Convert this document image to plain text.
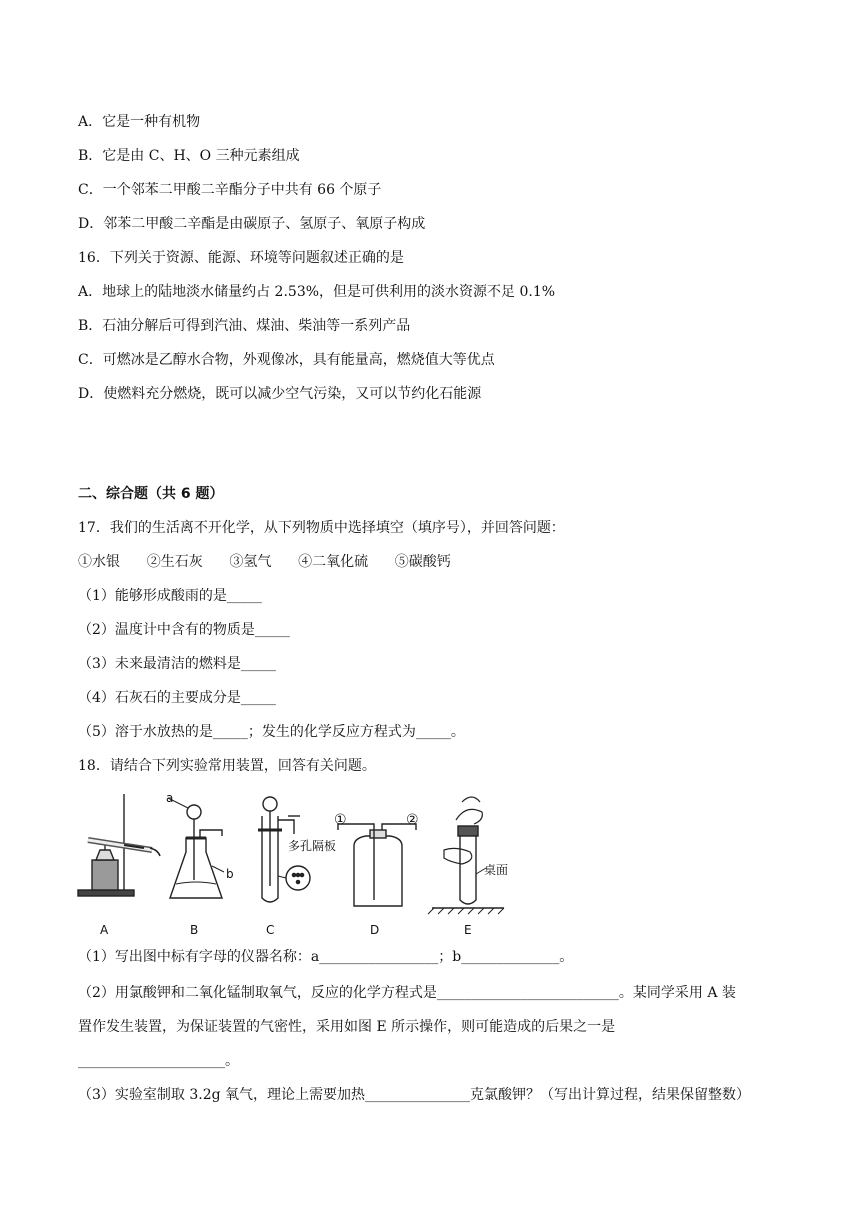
A．它是一种有机物
B．它是由 C、H、O 三种元素组成
C．一个邻苯二甲酸二辛酯分子中共有 66 个原子
D．邻苯二甲酸二辛酯是由碳原子、氢原子、氧原子构成
16．下列关于资源、能源、环境等问题叙述正确的是
A．地球上的陆地淡水储量约占 2.53%，但是可供利用的淡水资源不足 0.1%
B．石油分解后可得到汽油、煤油、柴油等一系列产品
C．可燃冰是乙醇水合物，外观像冰，具有能量高，燃烧值大等优点
D．使燃料充分燃烧，既可以减少空气污染，又可以节约化石能源
二、综合题（共 6 题）
17．我们的生活离不开化学，从下列物质中选择填空（填序号），并回答问题：
①水银      ②生石灰      ③氢气      ④二氧化硫      ⑤碳酸钙
（1）能够形成酸雨的是_____
（2）温度计中含有的物质是_____
（3）未来最清洁的燃料是_____
（4）石灰石的主要成分是_____
（5）溶于水放热的是_____；发生的化学反应方程式为_____。
18．请结合下列实验常用装置，回答有关问题。
a
b
多孔隔板
①	②
桌面
A	B	C	D	E
（1）写出图中标有字母的仪器名称：a_________________；b______________。
（2）用氯酸钾和二氧化锰制取氧气，反应的化学方程式是__________________________。某同学采用 A 装
置作发生装置，为保证装置的气密性，采用如图 E 所示操作，则可能造成的后果之一是
_____________________。
（3）实验室制取 3.2g 氧气，理论上需要加热_______________克氯酸钾？（写出计算过程，结果保留整数）
